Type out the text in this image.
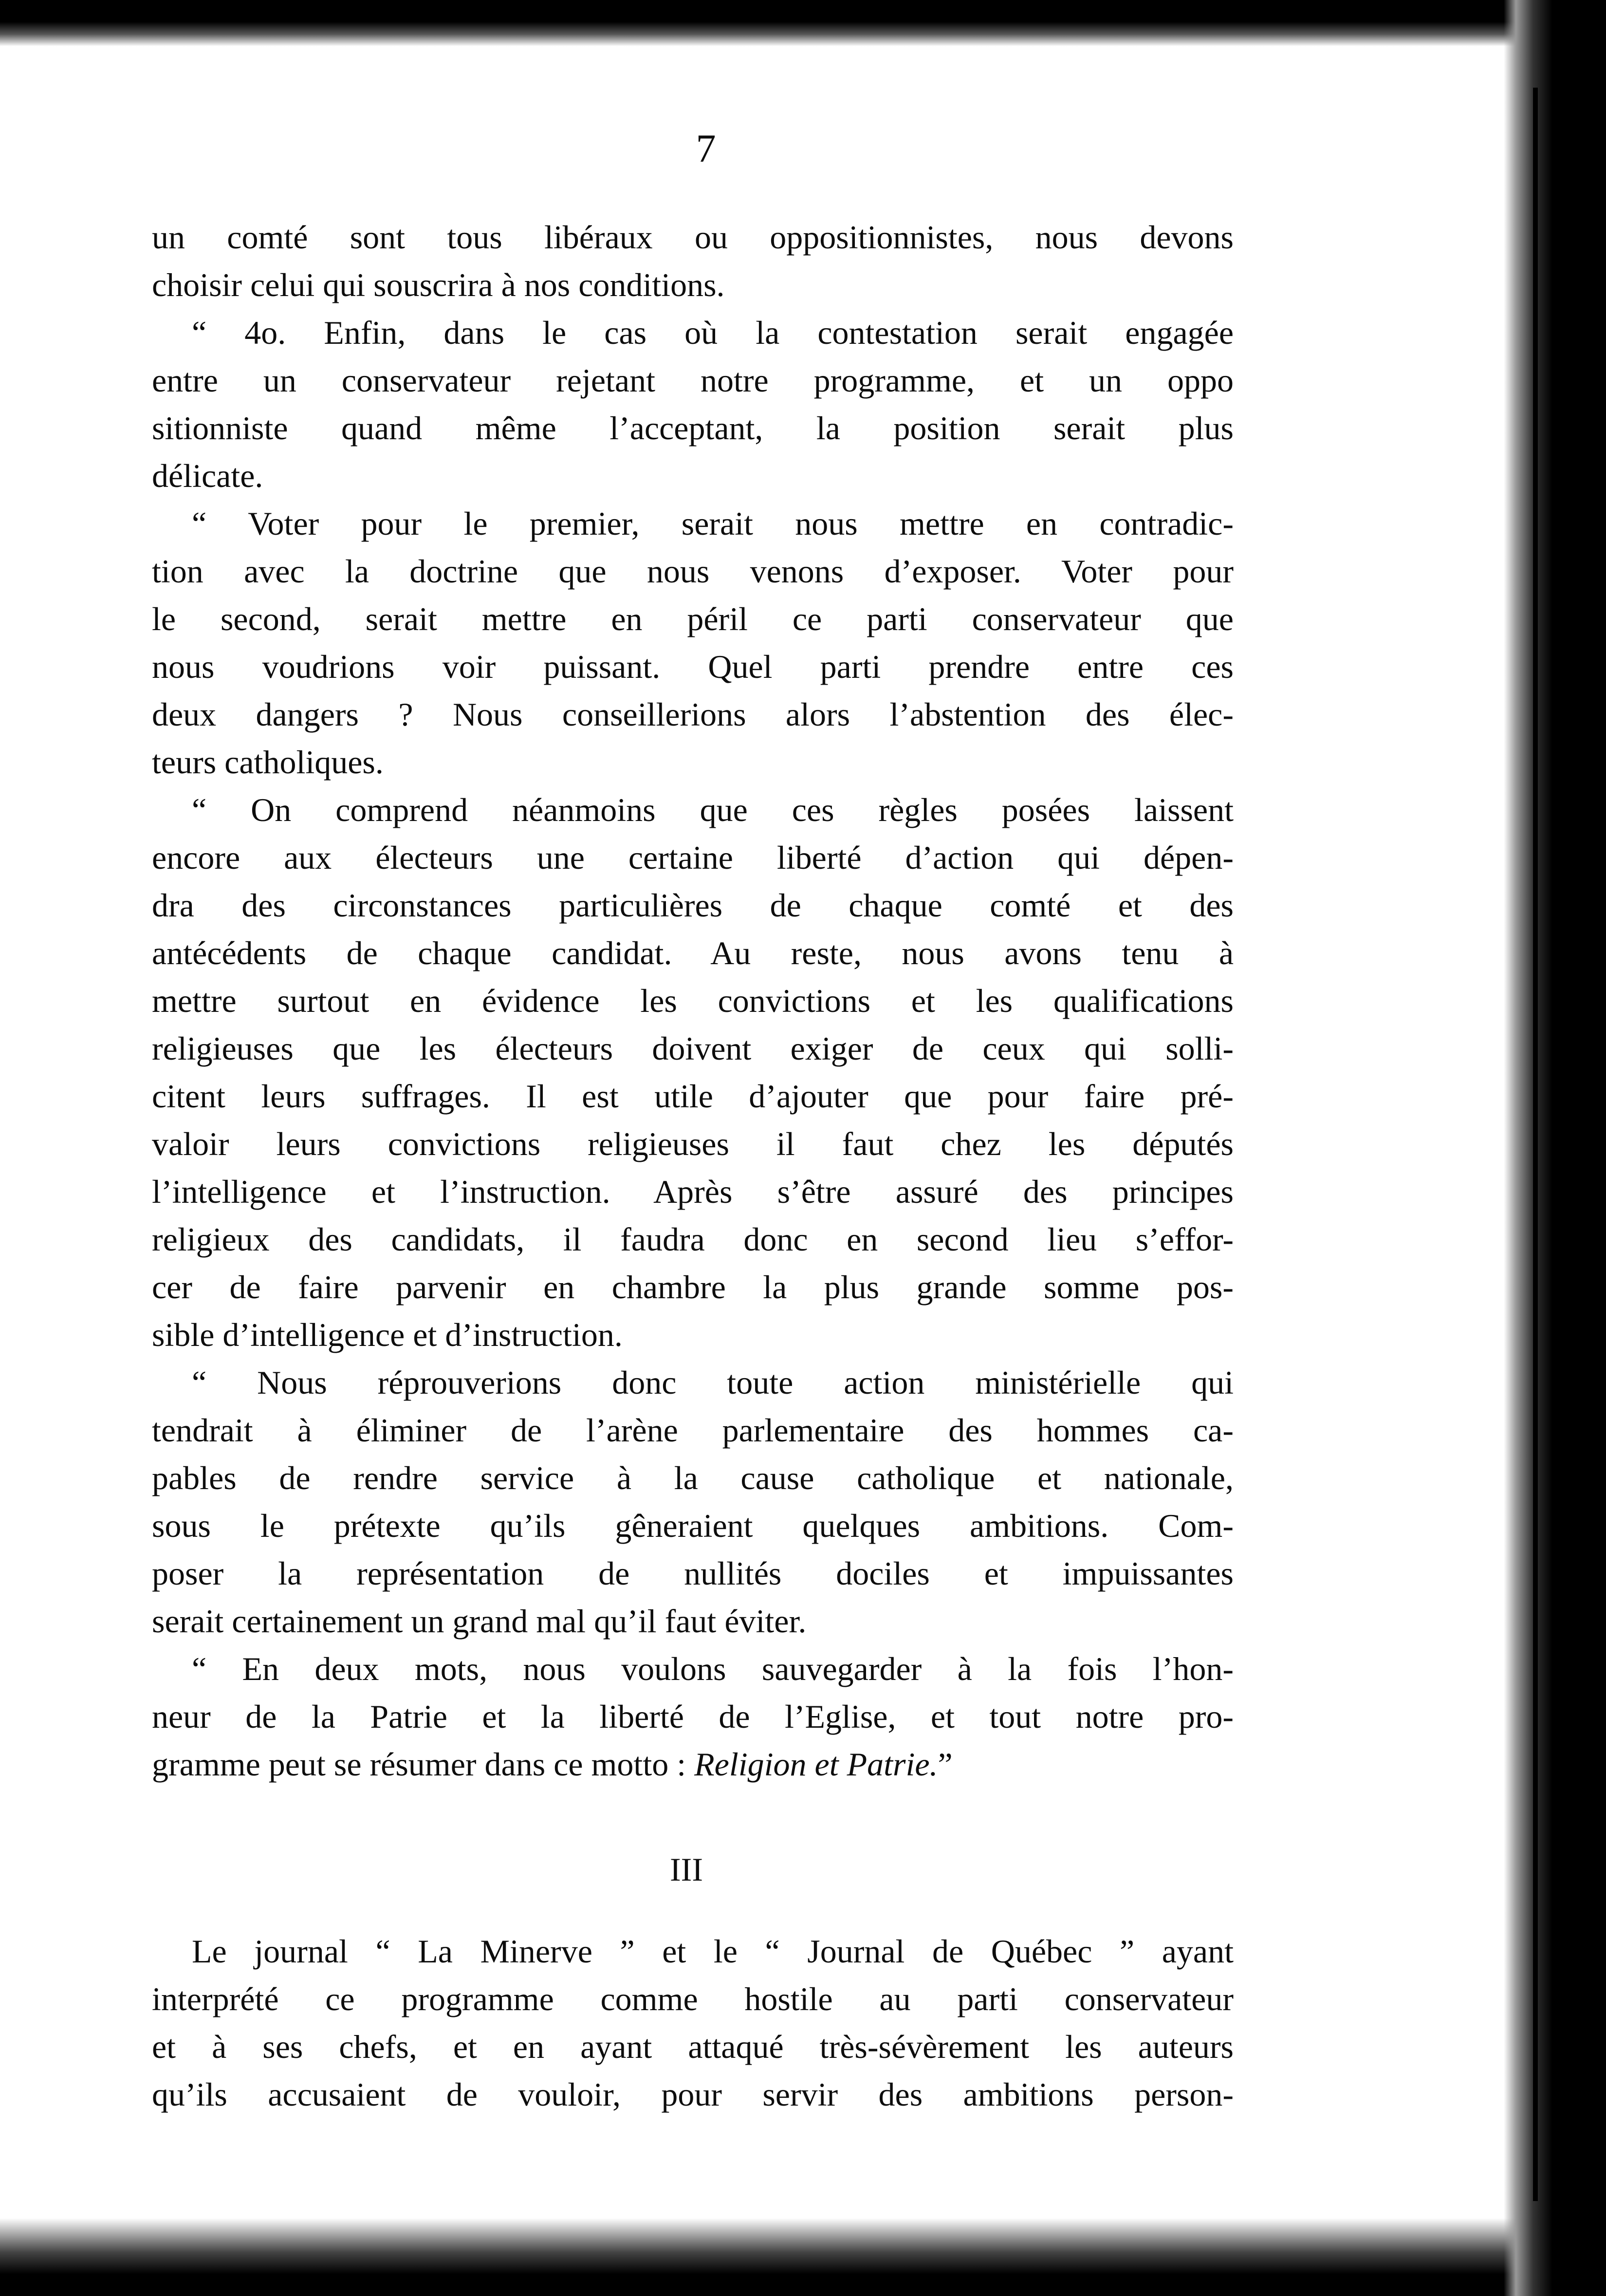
7

un comté sont tous libéraux ou oppositionnistes, nous devons
choisir celui qui souscrira à nos conditions.

“ 4o. Enfin, dans le cas où la contestation serait engagée
entre un conservateur rejetant notre programme, et un oppo
sitionniste quand même l’acceptant, la position serait plus
délicate.

“ Voter pour le premier, serait nous mettre en contradic-
tion avec la doctrine que nous venons d’exposer. Voter pour
le second, serait mettre en péril ce parti conservateur que
nous voudrions voir puissant. Quel parti prendre entre ces
deux dangers ? Nous conseillerions alors l’abstention des élec-
teurs catholiques.

“ On comprend néanmoins que ces règles posées laissent
encore aux électeurs une certaine liberté d’action qui dépen-
dra des circonstances particulières de chaque comté et des
antécédents de chaque candidat. Au reste, nous avons tenu à
mettre surtout en évidence les convictions et les qualifications
religieuses que les électeurs doivent exiger de ceux qui solli-
citent leurs suffrages. Il est utile d’ajouter que pour faire pré-
valoir leurs convictions religieuses il faut chez les députés
l’intelligence et l’instruction. Après s’être assuré des principes
religieux des candidats, il faudra donc en second lieu s’effor-
cer de faire parvenir en chambre la plus grande somme pos-
sible d’intelligence et d’instruction.

“ Nous réprouverions donc toute action ministérielle qui
tendrait à éliminer de l’arène parlementaire des hommes ca-
pables de rendre service à la cause catholique et nationale,
sous le prétexte qu’ils gêneraient quelques ambitions. Com-
poser la représentation de nullités dociles et impuissantes
serait certainement un grand mal qu’il faut éviter.

“ En deux mots, nous voulons sauvegarder à la fois l’hon-
neur de la Patrie et la liberté de l’Eglise, et tout notre pro-
gramme peut se résumer dans ce motto : Religion et Patrie.”

III

Le journal “ La Minerve ” et le “ Journal de Québec ” ayant
interprété ce programme comme hostile au parti conservateur
et à ses chefs, et en ayant attaqué très-sévèrement les auteurs
qu’ils accusaient de vouloir, pour servir des ambitions person-
